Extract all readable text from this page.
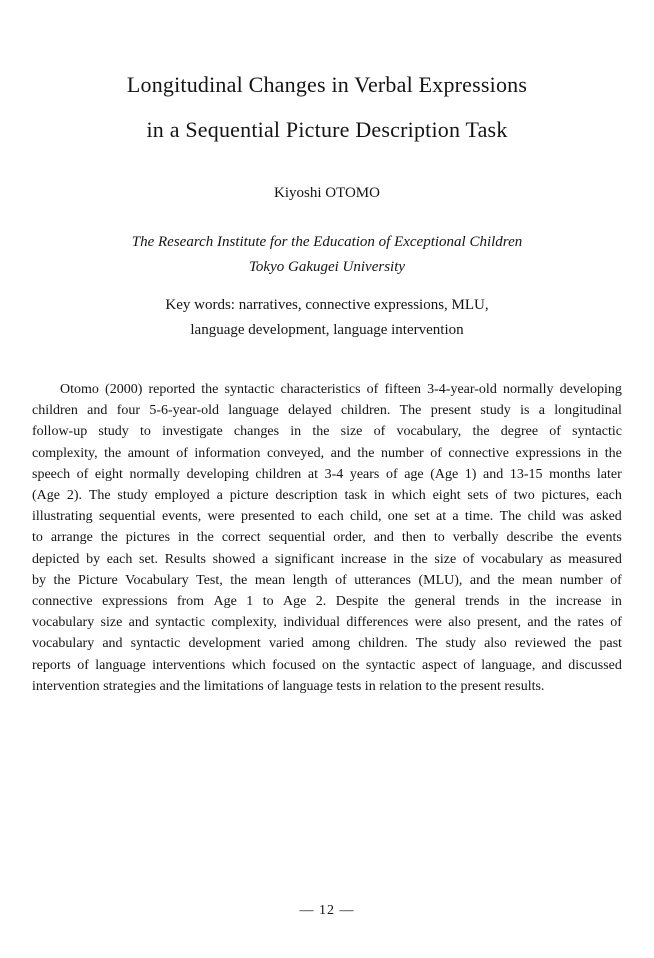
Longitudinal Changes in Verbal Expressions
in a Sequential Picture Description Task
Kiyoshi OTOMO
The Research Institute for the Education of Exceptional Children
Tokyo Gakugei University
Key words: narratives, connective expressions, MLU,
language development, language intervention
Otomo (2000) reported the syntactic characteristics of fifteen 3-4-year-old normally developing
children and four 5-6-year-old language delayed children. The present study is a longitudinal
follow-up study to investigate changes in the size of vocabulary, the degree of syntactic
complexity, the amount of information conveyed, and the number of connective expressions in the
speech of eight normally developing children at 3-4 years of age (Age 1) and 13-15 months later
(Age 2). The study employed a picture description task in which eight sets of two pictures, each
illustrating sequential events, were presented to each child, one set at a time. The child was asked
to arrange the pictures in the correct sequential order, and then to verbally describe the events
depicted by each set. Results showed a significant increase in the size of vocabulary as measured
by the Picture Vocabulary Test, the mean length of utterances (MLU), and the mean number of
connective expressions from Age 1 to Age 2. Despite the general trends in the increase in
vocabulary size and syntactic complexity, individual differences were also present, and the rates of
vocabulary and syntactic development varied among children. The study also reviewed the past
reports of language interventions which focused on the syntactic aspect of language, and discussed
intervention strategies and the limitations of language tests in relation to the present results.
— 12 —
